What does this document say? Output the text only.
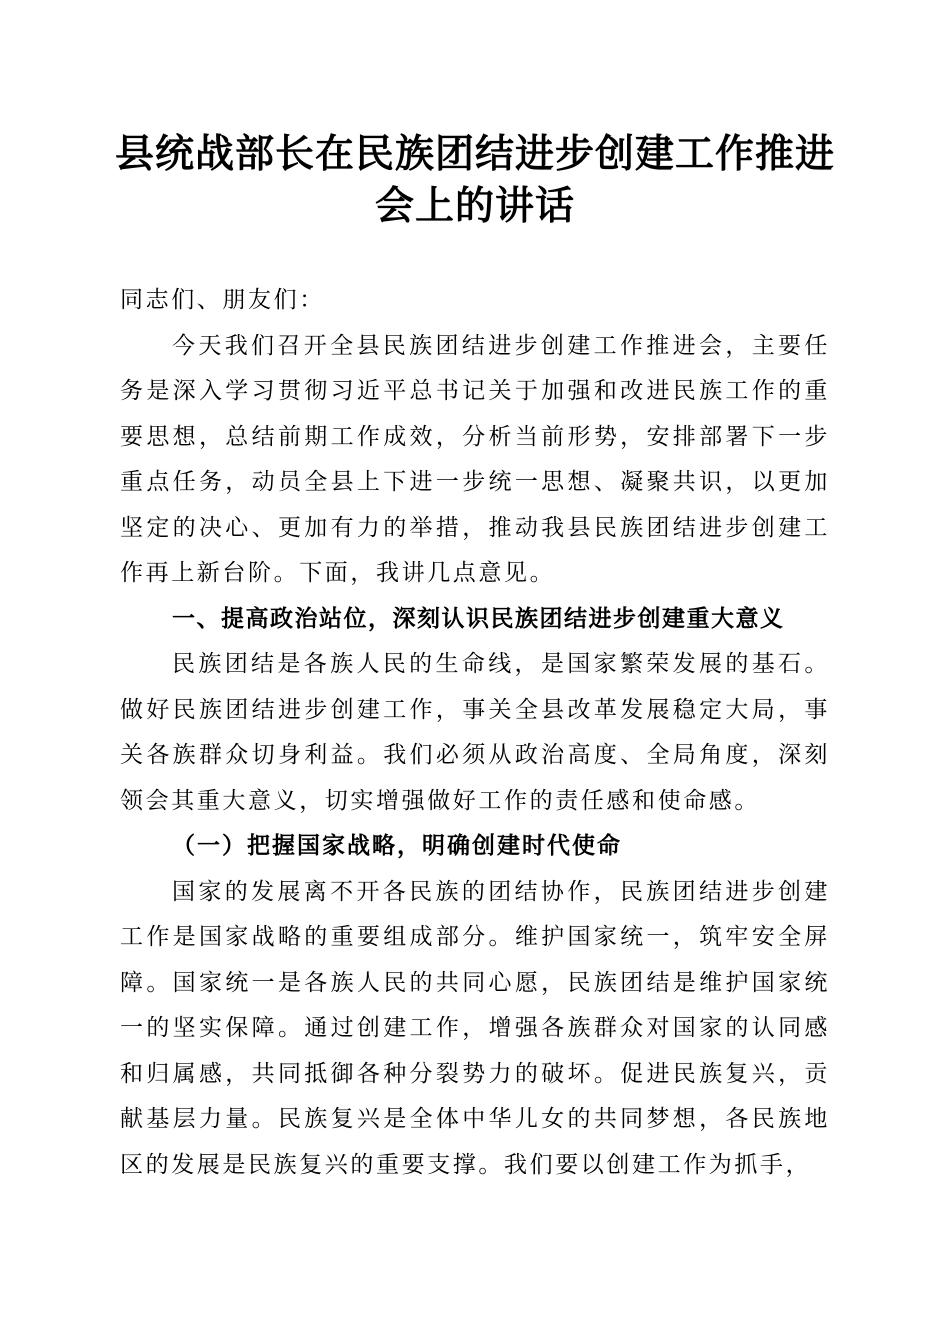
县统战部长在民族团结进步创建工作推进会上的讲话

同志们、朋友们：

今天我们召开全县民族团结进步创建工作推进会，主要任务是深入学习贯彻习近平总书记关于加强和改进民族工作的重要思想，总结前期工作成效，分析当前形势，安排部署下一步重点任务，动员全县上下进一步统一思想、凝聚共识，以更加坚定的决心、更加有力的举措，推动我县民族团结进步创建工作再上新台阶。下面，我讲几点意见。

一、提高政治站位，深刻认识民族团结进步创建重大意义

民族团结是各族人民的生命线，是国家繁荣发展的基石。做好民族团结进步创建工作，事关全县改革发展稳定大局，事关各族群众切身利益。我们必须从政治高度、全局角度，深刻领会其重大意义，切实增强做好工作的责任感和使命感。

（一）把握国家战略，明确创建时代使命

国家的发展离不开各民族的团结协作，民族团结进步创建工作是国家战略的重要组成部分。维护国家统一，筑牢安全屏障。国家统一是各族人民的共同心愿，民族团结是维护国家统一的坚实保障。通过创建工作，增强各族群众对国家的认同感和归属感，共同抵御各种分裂势力的破坏。促进民族复兴，贡献基层力量。民族复兴是全体中华儿女的共同梦想，各民族地区的发展是民族复兴的重要支撑。我们要以创建工作为抓手，
